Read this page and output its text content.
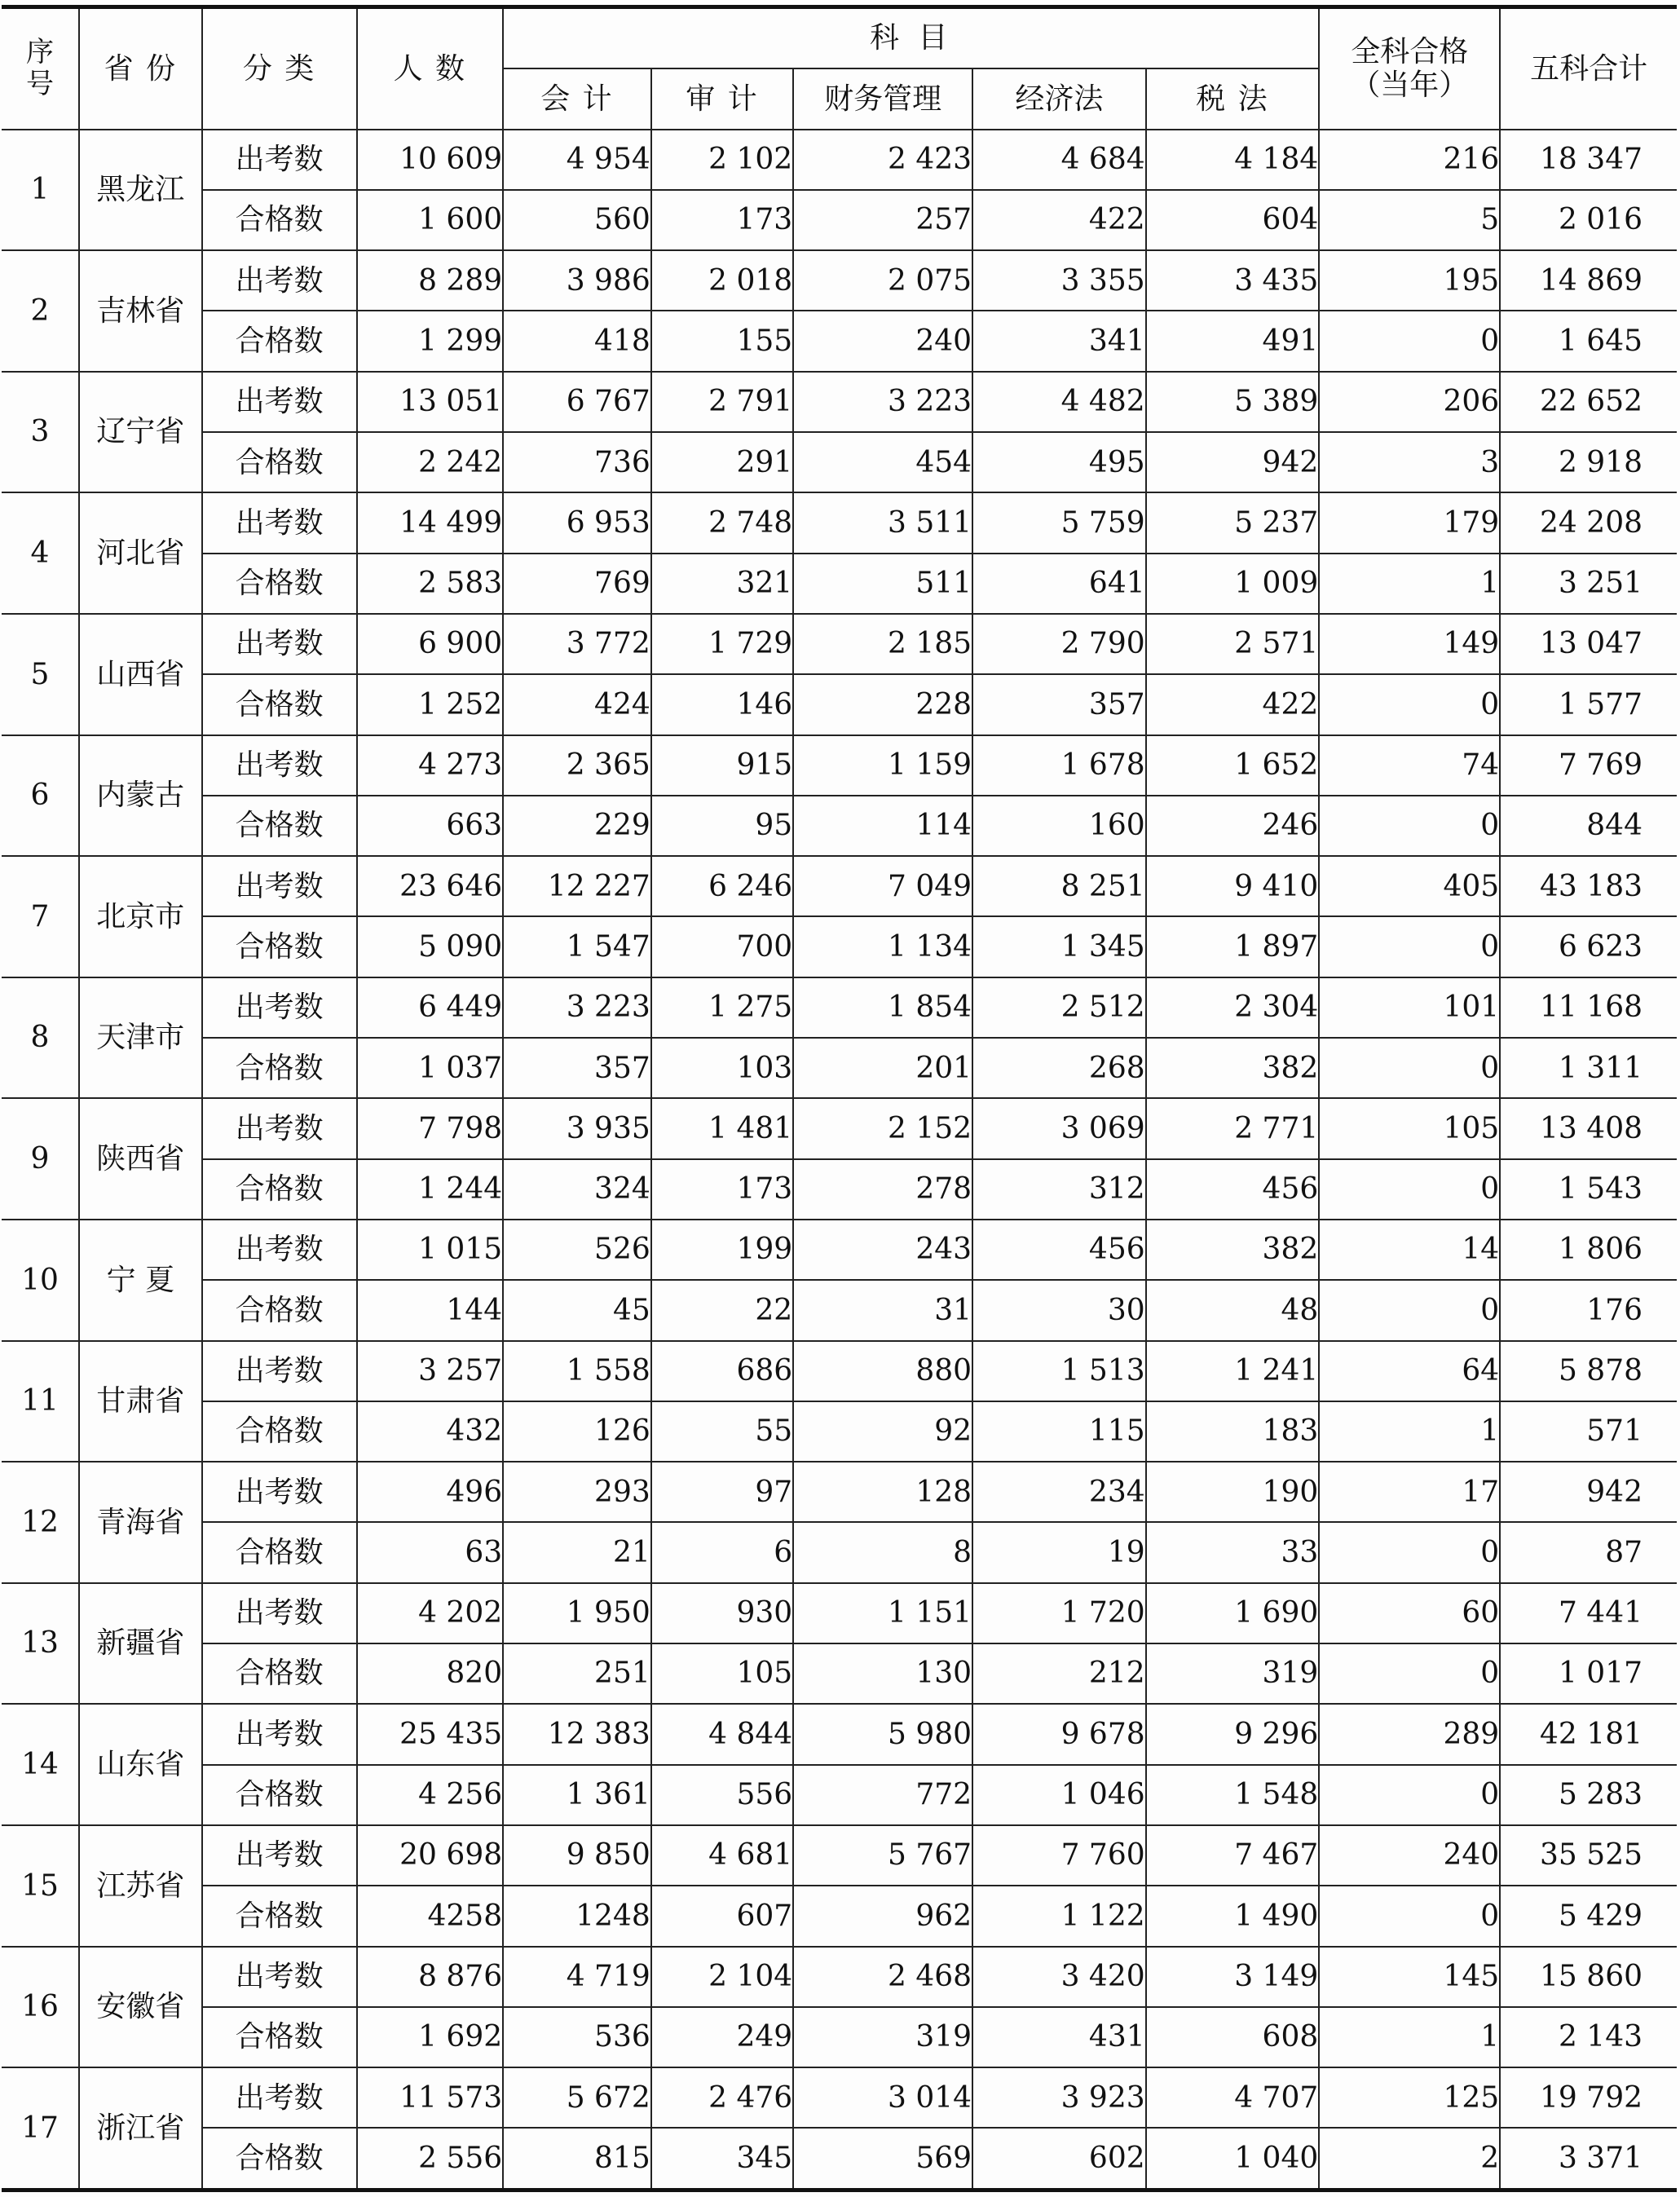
序号	省 份	分 类	人 数	科 目					全科合格（当年）	五科合计
				会 计	审 计	财务管理	经济法	税 法		
1	黑龙江	出考数	10 609	4 954	2 102	2 423	4 684	4 184	216	18 347
		合格数	1 600	560	173	257	422	604	5	2 016
2	吉林省	出考数	8 289	3 986	2 018	2 075	3 355	3 435	195	14 869
		合格数	1 299	418	155	240	341	491	0	1 645
3	辽宁省	出考数	13 051	6 767	2 791	3 223	4 482	5 389	206	22 652
		合格数	2 242	736	291	454	495	942	3	2 918
4	河北省	出考数	14 499	6 953	2 748	3 511	5 759	5 237	179	24 208
		合格数	2 583	769	321	511	641	1 009	1	3 251
5	山西省	出考数	6 900	3 772	1 729	2 185	2 790	2 571	149	13 047
		合格数	1 252	424	146	228	357	422	0	1 577
6	内蒙古	出考数	4 273	2 365	915	1 159	1 678	1 652	74	7 769
		合格数	663	229	95	114	160	246	0	844
7	北京市	出考数	23 646	12 227	6 246	7 049	8 251	9 410	405	43 183
		合格数	5 090	1 547	700	1 134	1 345	1 897	0	6 623
8	天津市	出考数	6 449	3 223	1 275	1 854	2 512	2 304	101	11 168
		合格数	1 037	357	103	201	268	382	0	1 311
9	陕西省	出考数	7 798	3 935	1 481	2 152	3 069	2 771	105	13 408
		合格数	1 244	324	173	278	312	456	0	1 543
10	宁 夏	出考数	1 015	526	199	243	456	382	14	1 806
		合格数	144	45	22	31	30	48	0	176
11	甘肃省	出考数	3 257	1 558	686	880	1 513	1 241	64	5 878
		合格数	432	126	55	92	115	183	1	571
12	青海省	出考数	496	293	97	128	234	190	17	942
		合格数	63	21	6	8	19	33	0	87
13	新疆省	出考数	4 202	1 950	930	1 151	1 720	1 690	60	7 441
		合格数	820	251	105	130	212	319	0	1 017
14	山东省	出考数	25 435	12 383	4 844	5 980	9 678	9 296	289	42 181
		合格数	4 256	1 361	556	772	1 046	1 548	0	5 283
15	江苏省	出考数	20 698	9 850	4 681	5 767	7 760	7 467	240	35 525
		合格数	4258	1248	607	962	1 122	1 490	0	5 429
16	安徽省	出考数	8 876	4 719	2 104	2 468	3 420	3 149	145	15 860
		合格数	1 692	536	249	319	431	608	1	2 143
17	浙江省	出考数	11 573	5 672	2 476	3 014	3 923	4 707	125	19 792
		合格数	2 556	815	345	569	602	1 040	2	3 371
